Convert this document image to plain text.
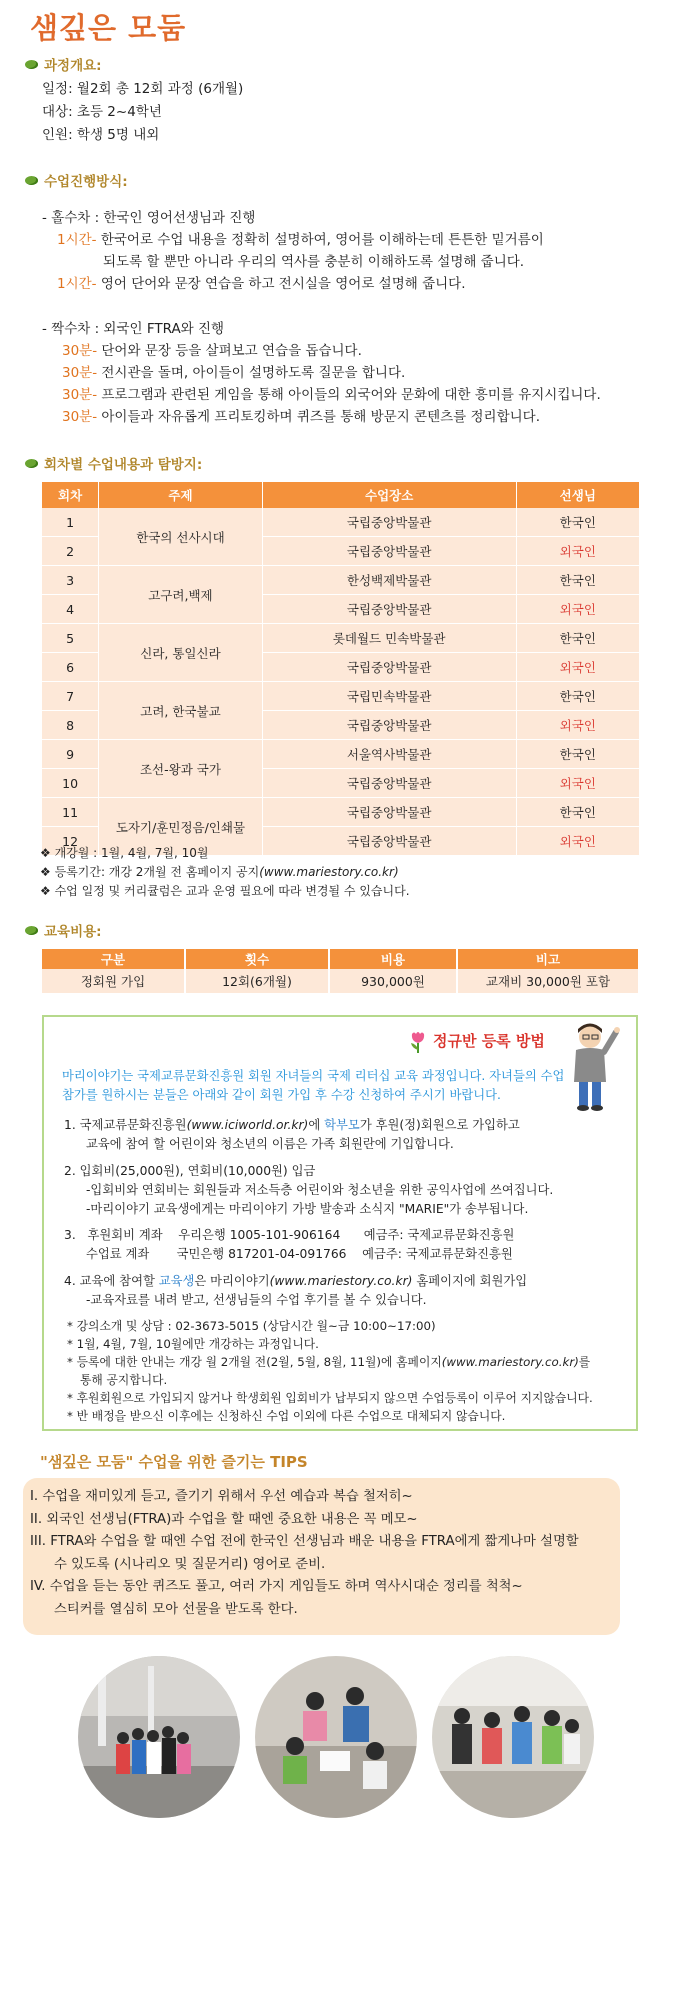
샘깊은 모둠
과정개요:
일정: 월2회 총 12회 과정 (6개월)
대상: 초등 2~4학년
인원: 학생 5명 내외
수업진행방식:
- 홀수차 : 한국인 영어선생님과 진행
1시간- 한국어로 수업 내용을 정확히 설명하여, 영어를 이해하는데 튼튼한 밑거름이
되도록 할 뿐만 아니라 우리의 역사를 충분히 이해하도록 설명해 줍니다.
1시간- 영어 단어와 문장 연습을 하고 전시실을 영어로 설명해 줍니다.
- 짝수차 : 외국인 FTRA와 진행
30분- 단어와 문장 등을 살펴보고 연습을 돕습니다.
30분- 전시관을 돌며, 아이들이 설명하도록 질문을 합니다.
30분- 프로그램과 관련된 게임을 통해 아이들의 외국어와 문화에 대한 흥미를 유지시킵니다.
30분- 아이들과 자유롭게 프리토킹하며 퀴즈를 통해 방문지 콘텐츠를 정리합니다.
회차별 수업내용과 탐방지:
회차	주제	수업장소	선생님
1	한국의 선사시대	국립중앙박물관	한국인
2		국립중앙박물관	외국인
3	고구려,백제	한성백제박물관	한국인
4		국립중앙박물관	외국인
5	신라, 통일신라	롯데월드 민속박물관	한국인
6		국립중앙박물관	외국인
7	고려, 한국불교	국립민속박물관	한국인
8		국립중앙박물관	외국인
9	조선-왕과 국가	서울역사박물관	한국인
10		국립중앙박물관	외국인
11	도자기/훈민정음/인쇄물	국립중앙박물관	한국인
12		국립중앙박물관	외국인
❖ 개강월 : 1월, 4월, 7월, 10월
❖ 등록기간: 개강 2개월 전 홈페이지 공지(www.mariestory.co.kr)
❖ 수업 일정 및 커리큘럼은 교과 운영 필요에 따라 변경될 수 있습니다.
교육비용:
구분	횟수	비용	비고
정회원 가입	12회(6개월)	930,000원	교재비 30,000원 포함
정규반 등록 방법
마리이야기는 국제교류문화진흥원 회원 자녀들의 국제 리터십 교육 과정입니다. 자녀들의 수업
참가를 원하시는 분들은 아래와 같이 회원 가입 후 수강 신청하여 주시기 바랍니다.
1. 국제교류문화진흥원(www.iciworld.or.kr)에 학부모가 후원(정)회원으로 가입하고
교육에 참여 할 어린이와 청소년의 이름은 가족 회원란에 기입합니다.
2. 입회비(25,000원), 연회비(10,000원) 입금
-입회비와 연회비는 회원들과 저소득층 어린이와 청소년을 위한 공익사업에 쓰여집니다.
-마리이야기 교육생에게는 마리이야기 가방 발송과 소식지 "MARIE"가 송부됩니다.
3.   후원회비 계좌    우리은행 1005-101-906164      예금주: 국제교류문화진흥원
수업료 계좌       국민은행 817201-04-091766    예금주: 국제교류문화진흥원
4. 교육에 참여할 교육생은 마리이야기(www.mariestory.co.kr) 홈페이지에 회원가입
-교육자료를 내려 받고, 선생님들의 수업 후기를 볼 수 있습니다.
* 강의소개 및 상담 : 02-3673-5015 (상담시간 월~금 10:00~17:00)
* 1월, 4월, 7월, 10월에만 개강하는 과정입니다.
* 등록에 대한 안내는 개강 월 2개월 전(2월, 5월, 8월, 11월)에 홈페이지(www.mariestory.co.kr)를
통해 공지합니다.
* 후원회원으로 가입되지 않거나 학생회원 입회비가 납부되지 않으면 수업등록이 이루어 지지않습니다.
* 반 배정을 받으신 이후에는 신청하신 수업 이외에 다른 수업으로 대체되지 않습니다.
"샘깊은 모둠" 수업을 위한 즐기는 TIPS
I. 수업을 재미있게 듣고, 즐기기 위해서 우선 예습과 복습 철저히~
II. 외국인 선생님(FTRA)과 수업을 할 때엔 중요한 내용은 꼭 메모~
III. FTRA와 수업을 할 때엔 수업 전에 한국인 선생님과 배운 내용을 FTRA에게 짧게나마 설명할
수 있도록 (시나리오 및 질문거리) 영어로 준비.
IV. 수업을 듣는 동안 퀴즈도 풀고, 여러 가지 게임들도 하며 역사시대순 정리를 척척~
스티커를 열심히 모아 선물을 받도록 한다.
